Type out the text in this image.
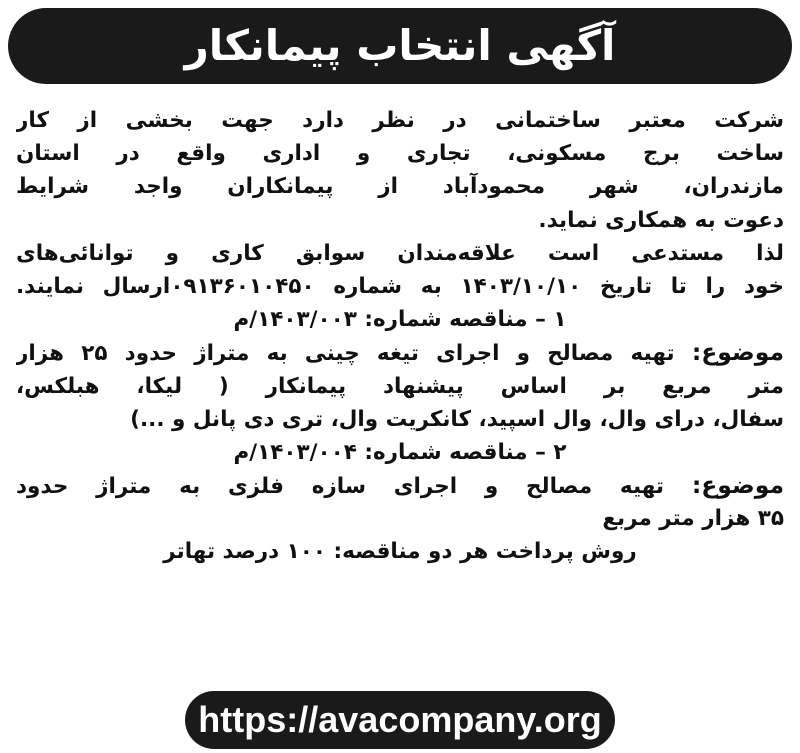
آگهی انتخاب پیمانکار
شرکت معتبر ساختمانی در نظر دارد جهت بخشی از کار
ساخت برج مسکونی، تجاری و اداری واقع در استان
مازندران، شهر محمودآباد از پیمانکاران واجد شرایط
دعوت به همکاری نماید.
لذا مستدعی است علاقه‌مندان سوابق کاری و توانائی‌های
خود را تا تاریخ ۱۴۰۳/۱۰/۱۰ به شماره ۰۹۱۳۶۰۱۰۴۵۰ارسال نمایند.
۱ – مناقصه شماره: ۱۴۰۳/۰۰۳/م
موضوع: تهیه مصالح و اجرای تیغه چینی به متراژ حدود ۲۵ هزار
متر مربع بر اساس پیشنهاد پیمانکار ( لیکا، هبلکس،
سفال، درای وال، وال اسپید، کانکریت وال، تری دی پانل و ...)
۲ – مناقصه شماره: ۱۴۰۳/۰۰۴/م
موضوع: تهیه مصالح و اجرای سازه فلزی به متراژ حدود
۳۵ هزار متر مربع
روش پرداخت هر دو مناقصه: ۱۰۰ درصد تهاتر
https://avacompany.org
